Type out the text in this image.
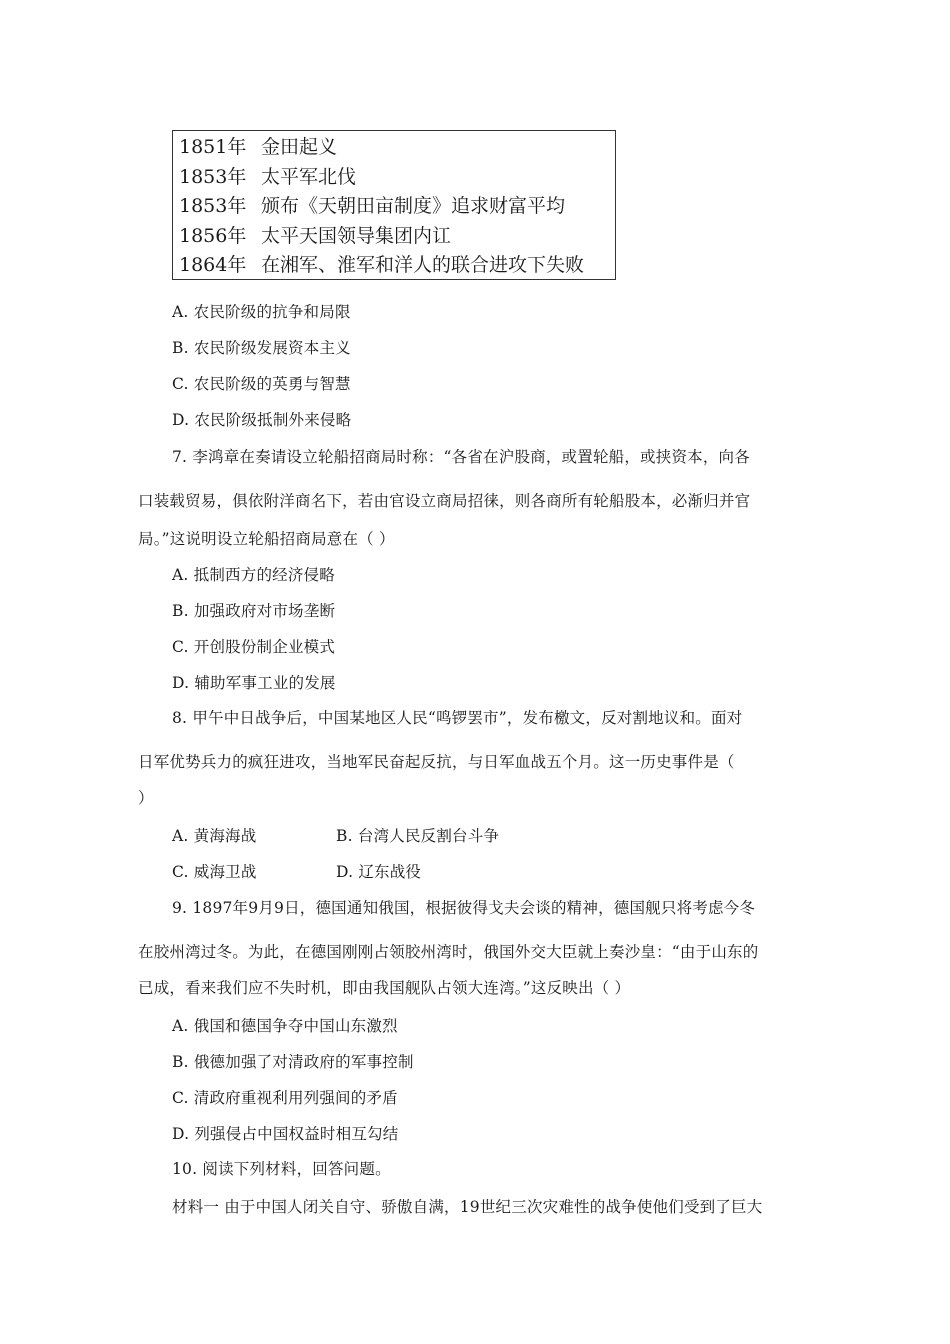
1851年 金田起义
1853年 太平军北伐
1853年 颁布《天朝田亩制度》追求财富平均
1856年 太平天国领导集团内讧
1864年 在湘军、淮军和洋人的联合进攻下失败
A. 农民阶级的抗争和局限
B. 农民阶级发展资本主义
C. 农民阶级的英勇与智慧
D. 农民阶级抵制外来侵略
7. 李鸿章在奏请设立轮船招商局时称：“各省在沪股商，或置轮船，或挟资本，向各
口装载贸易，俱依附洋商名下，若由官设立商局招徕，则各商所有轮船股本，必渐归并官
局。”这说明设立轮船招商局意在（ ）
A. 抵制西方的经济侵略
B. 加强政府对市场垄断
C. 开创股份制企业模式
D. 辅助军事工业的发展
8. 甲午中日战争后，中国某地区人民“鸣锣罢市”，发布檄文，反对割地议和。面对
日军优势兵力的疯狂进攻，当地军民奋起反抗，与日军血战五个月。这一历史事件是（
）
A. 黄海海战	B. 台湾人民反割台斗争
C. 威海卫战	D. 辽东战役
9. 1897年9月9日，德国通知俄国，根据彼得戈夫会谈的精神，德国舰只将考虑今冬
在胶州湾过冬。为此，在德国刚刚占领胶州湾时，俄国外交大臣就上奏沙皇：“由于山东的
已成，看来我们应不失时机，即由我国舰队占领大连湾。”这反映出（ ）
A. 俄国和德国争夺中国山东激烈
B. 俄德加强了对清政府的军事控制
C. 清政府重视利用列强间的矛盾
D. 列强侵占中国权益时相互勾结
10. 阅读下列材料，回答问题。
材料一 由于中国人闭关自守、骄傲自满，19世纪三次灾难性的战争使他们受到了巨大
